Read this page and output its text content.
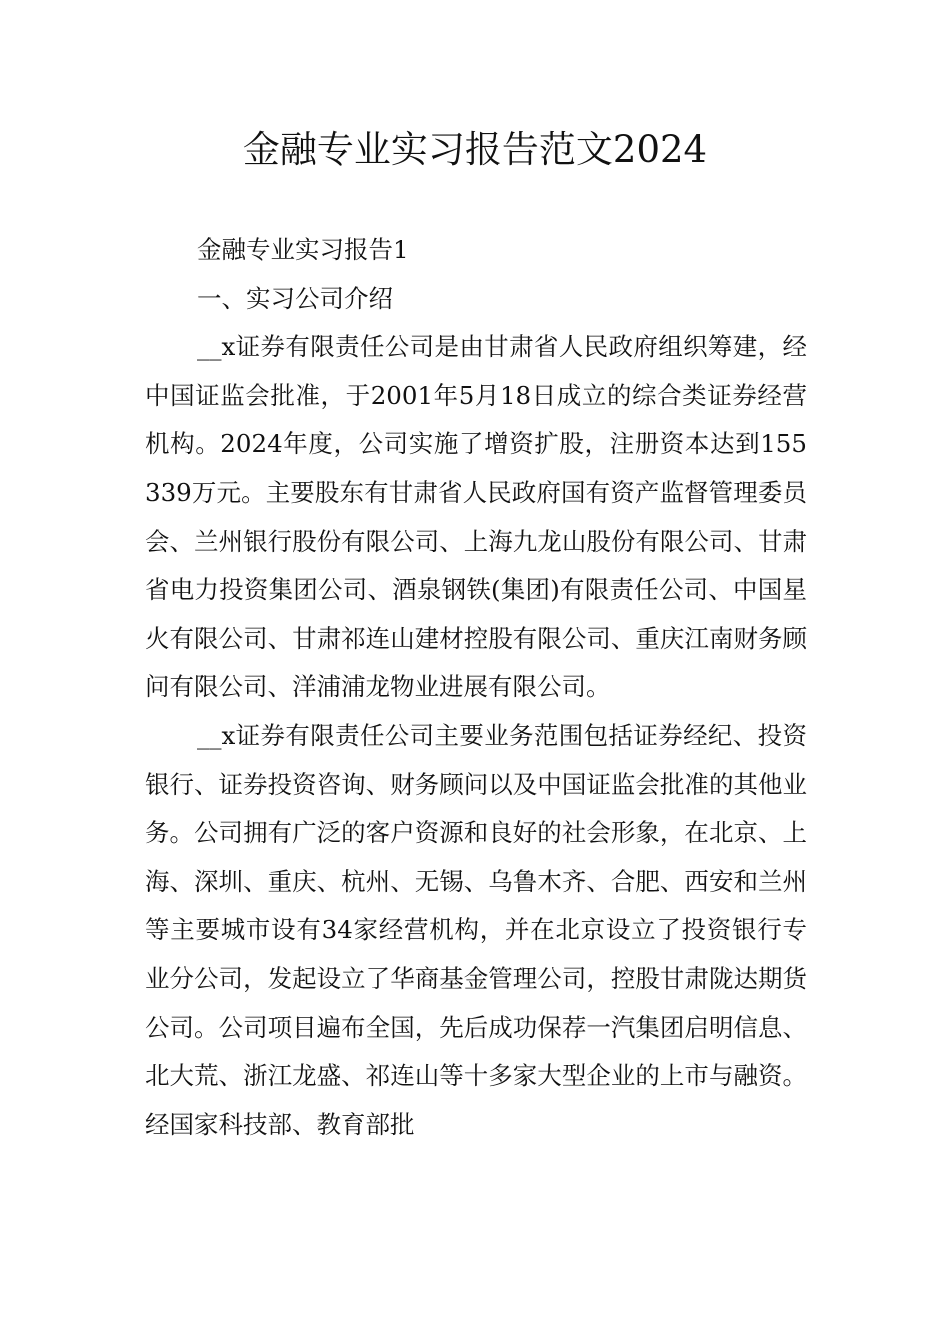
金融专业实习报告范文2024

金融专业实习报告1

一、实习公司介绍

__x证券有限责任公司是由甘肃省人民政府组织筹建，经中国证监会批准，于2001年5月18日成立的综合类证券经营机构。2024年度，公司实施了增资扩股，注册资本达到155339万元。主要股东有甘肃省人民政府国有资产监督管理委员会、兰州银行股份有限公司、上海九龙山股份有限公司、甘肃省电力投资集团公司、酒泉钢铁(集团)有限责任公司、中国星火有限公司、甘肃祁连山建材控股有限公司、重庆江南财务顾问有限公司、洋浦浦龙物业进展有限公司。

__x证券有限责任公司主要业务范围包括证券经纪、投资银行、证券投资咨询、财务顾问以及中国证监会批准的其他业务。公司拥有广泛的客户资源和良好的社会形象，在北京、上海、深圳、重庆、杭州、无锡、乌鲁木齐、合肥、西安和兰州等主要城市设有34家经营机构，并在北京设立了投资银行专业分公司，发起设立了华商基金管理公司，控股甘肃陇达期货公司。公司项目遍布全国，先后成功保荐一汽集团启明信息、北大荒、浙江龙盛、祁连山等十多家大型企业的上市与融资。经国家科技部、教育部批
